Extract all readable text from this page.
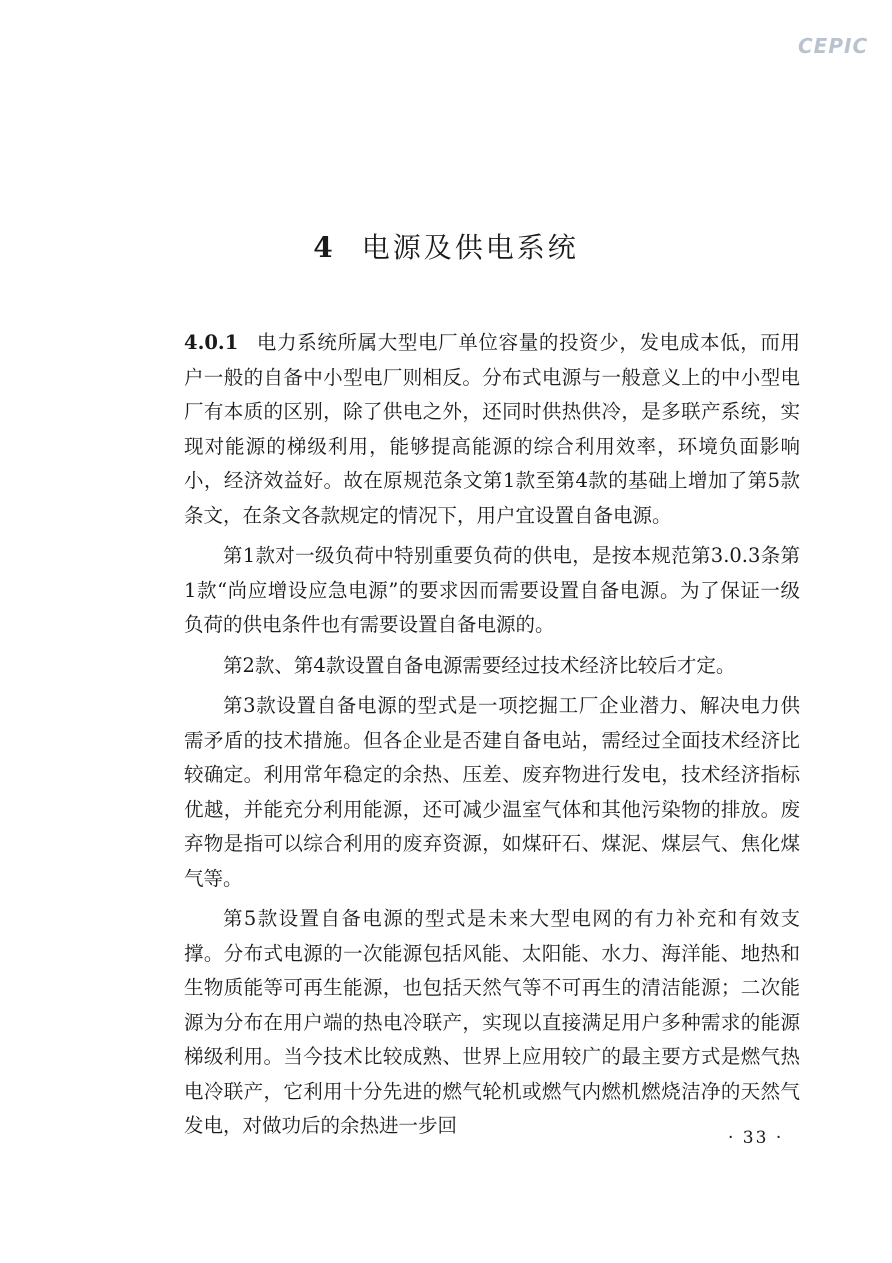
CEPIC
4 电源及供电系统

4.0.1 电力系统所属大型电厂单位容量的投资少，发电成本低，而用户一般的自备中小型电厂则相反。分布式电源与一般意义上的中小型电厂有本质的区别，除了供电之外，还同时供热供冷，是多联产系统，实现对能源的梯级利用，能够提高能源的综合利用效率，环境负面影响小，经济效益好。故在原规范条文第1款至第4款的基础上增加了第5款条文，在条文各款规定的情况下，用户宜设置自备电源。

第1款对一级负荷中特别重要负荷的供电，是按本规范第3.0.3条第1款“尚应增设应急电源”的要求因而需要设置自备电源。为了保证一级负荷的供电条件也有需要设置自备电源的。

第2款、第4款设置自备电源需要经过技术经济比较后才定。

第3款设置自备电源的型式是一项挖掘工厂企业潜力、解决电力供需矛盾的技术措施。但各企业是否建自备电站，需经过全面技术经济比较确定。利用常年稳定的余热、压差、废弃物进行发电，技术经济指标优越，并能充分利用能源，还可减少温室气体和其他污染物的排放。废弃物是指可以综合利用的废弃资源，如煤矸石、煤泥、煤层气、焦化煤气等。

第5款设置自备电源的型式是未来大型电网的有力补充和有效支撑。分布式电源的一次能源包括风能、太阳能、水力、海洋能、地热和生物质能等可再生能源，也包括天然气等不可再生的清洁能源；二次能源为分布在用户端的热电冷联产，实现以直接满足用户多种需求的能源梯级利用。当今技术比较成熟、世界上应用较广的最主要方式是燃气热电冷联产，它利用十分先进的燃气轮机或燃气内燃机燃烧洁净的天然气发电，对做功后的余热进一步回

· 33 ·
